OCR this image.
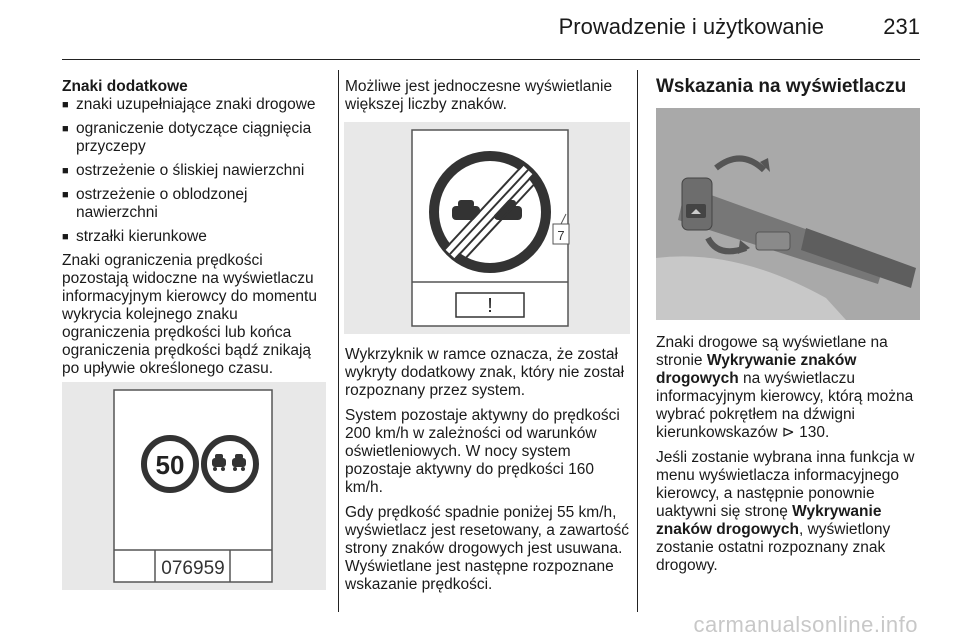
Prowadzenie i użytkowanie	231
Znaki dodatkowe
■ znaki uzupełniające znaki drogowe
■ ograniczenie dotyczące ciągnięcia przyczepy
■ ostrzeżenie o śliskiej nawierzchni
■ ostrzeżenie o oblodzonej nawierzchni
■ strzałki kierunkowe

Znaki ograniczenia prędkości pozostają widoczne na wyświetlaczu informacyjnym kierowcy do momentu wykrycia kolejnego znaku ograniczenia prędkości lub końca ograniczenia prędkości bądź znikają po upływie określonego czasu.

50
076959

Możliwe jest jednoczesne wyświetlanie większej liczby znaków.

!
7

Wykrzyknik w ramce oznacza, że został wykryty dodatkowy znak, który nie został rozpoznany przez system.

System pozostaje aktywny do prędkości 200 km/h w zależności od warunków oświetleniowych. W nocy system pozostaje aktywny do prędkości 160 km/h.

Gdy prędkość spadnie poniżej 55 km/h, wyświetlacz jest resetowany, a zawartość strony znaków drogowych jest usuwana. Wyświetlane jest następne rozpoznane wskazanie prędkości.

Wskazania na wyświetlaczu

Znaki drogowe są wyświetlane na stronie Wykrywanie znaków drogowych na wyświetlaczu informacyjnym kierowcy, którą można wybrać pokrętłem na dźwigni kierunkowskazów ⊳ 130.

Jeśli zostanie wybrana inna funkcja w menu wyświetlacza informacyjnego kierowcy, a następnie ponownie uaktywni się stronę Wykrywanie znaków drogowych, wyświetlony zostanie ostatni rozpoznany znak drogowy.

carmanualsonline.info
